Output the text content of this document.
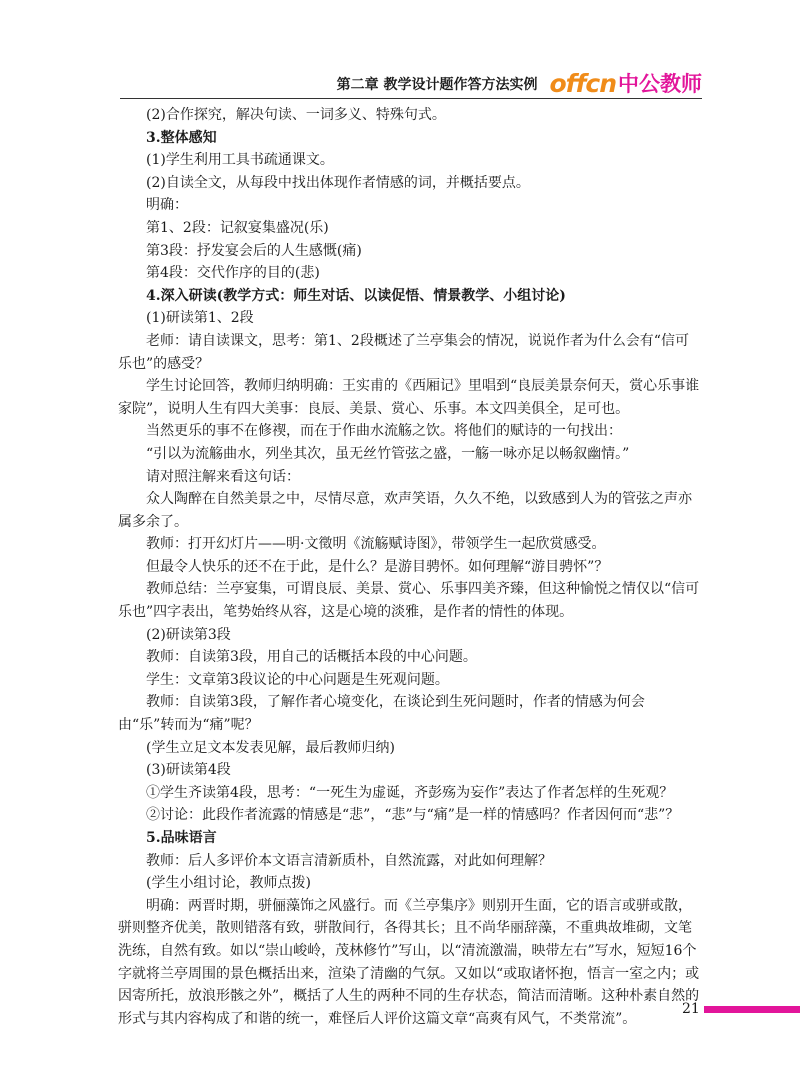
第二章 教学设计题作答方法实例 offcn 中公教师

(2)合作探究，解决句读、一词多义、特殊句式。

3.整体感知

(1)学生利用工具书疏通课文。

(2)自读全文，从每段中找出体现作者情感的词，并概括要点。

明确：

第1、2段：记叙宴集盛况(乐)

第3段：抒发宴会后的人生感慨(痛)

第4段：交代作序的目的(悲)

4.深入研读(教学方式：师生对话、以读促悟、情景教学、小组讨论)

(1)研读第1、2段

老师：请自读课文，思考：第1、2段概述了兰亭集会的情况，说说作者为什么会有“信可乐也”的感受？

学生讨论回答，教师归纳明确：王实甫的《西厢记》里唱到“良辰美景奈何天，赏心乐事谁家院”，说明人生有四大美事：良辰、美景、赏心、乐事。本文四美俱全，足可也。

当然更乐的事不在修禊，而在于作曲水流觞之饮。将他们的赋诗的一句找出：

“引以为流觞曲水，列坐其次，虽无丝竹管弦之盛，一觞一咏亦足以畅叙幽情。”

请对照注解来看这句话：

众人陶醉在自然美景之中，尽情尽意，欢声笑语，久久不绝，以致感到人为的管弦之声亦属多余了。

教师：打开幻灯片——明·文徵明《流觞赋诗图》，带领学生一起欣赏感受。

但最令人快乐的还不在于此，是什么？是游目骋怀。如何理解“游目骋怀”？

教师总结：兰亭宴集，可谓良辰、美景、赏心、乐事四美齐臻，但这种愉悦之情仅以“信可乐也”四字表出，笔势始终从容，这是心境的淡雅，是作者的情性的体现。

(2)研读第3段

教师：自读第3段，用自己的话概括本段的中心问题。

学生：文章第3段议论的中心问题是生死观问题。

教师：自读第3段，了解作者心境变化，在谈论到生死问题时，作者的情感为何会由“乐”转而为“痛”呢？

(学生立足文本发表见解，最后教师归纳)

(3)研读第4段

①学生齐读第4段，思考：“一死生为虚诞，齐彭殇为妄作”表达了作者怎样的生死观？

②讨论：此段作者流露的情感是“悲”，“悲”与“痛”是一样的情感吗？作者因何而“悲”？

5.品味语言

教师：后人多评价本文语言清新质朴，自然流露，对此如何理解？

(学生小组讨论，教师点拨)

明确：两晋时期，骈俪藻饰之风盛行。而《兰亭集序》则别开生面，它的语言或骈或散，骈则整齐优美，散则错落有致，骈散间行，各得其长；且不尚华丽辞藻，不重典故堆砌，文笔洗练，自然有致。如以“崇山峻岭，茂林修竹”写山，以“清流激湍，映带左右”写水，短短16个字就将兰亭周围的景色概括出来，渲染了清幽的气氛。又如以“或取诸怀抱，悟言一室之内；或因寄所托，放浪形骸之外”，概括了人生的两种不同的生存状态，简洁而清晰。这种朴素自然的形式与其内容构成了和谐的统一，难怪后人评价这篇文章“高爽有风气，不类常流”。

21
